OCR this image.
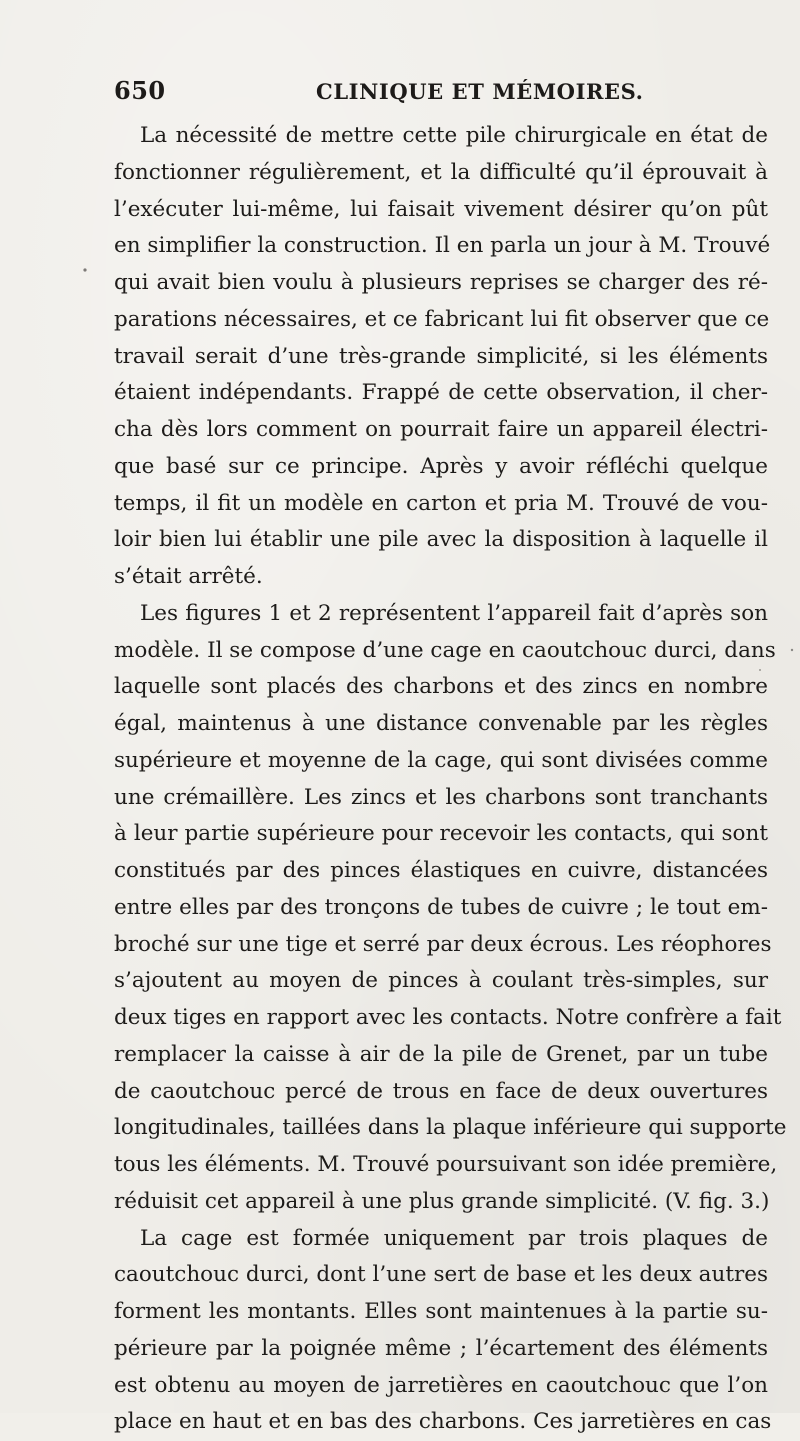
650	CLINIQUE ET MÉMOIRES.
La nécessité de mettre cette pile chirurgicale en état de
fonctionner régulièrement, et la difficulté qu’il éprouvait à
l’exécuter lui-même, lui faisait vivement désirer qu’on pût
en simplifier la construction. Il en parla un jour à M. Trouvé
qui avait bien voulu à plusieurs reprises se charger des ré-
parations nécessaires, et ce fabricant lui fit observer que ce
travail serait d’une très-grande simplicité, si les éléments
étaient indépendants. Frappé de cette observation, il cher-
cha dès lors comment on pourrait faire un appareil électri-
que basé sur ce principe. Après y avoir réfléchi quelque
temps, il fit un modèle en carton et pria M. Trouvé de vou-
loir bien lui établir une pile avec la disposition à laquelle il
s’était arrêté.
Les figures 1 et 2 représentent l’appareil fait d’après son
modèle. Il se compose d’une cage en caoutchouc durci, dans
laquelle sont placés des charbons et des zincs en nombre
égal, maintenus à une distance convenable par les règles
supérieure et moyenne de la cage, qui sont divisées comme
une crémaillère. Les zincs et les charbons sont tranchants
à leur partie supérieure pour recevoir les contacts, qui sont
constitués par des pinces élastiques en cuivre, distancées
entre elles par des tronçons de tubes de cuivre ; le tout em-
broché sur une tige et serré par deux écrous. Les réophores
s’ajoutent au moyen de pinces à coulant très-simples, sur
deux tiges en rapport avec les contacts. Notre confrère a fait
remplacer la caisse à air de la pile de Grenet, par un tube
de caoutchouc percé de trous en face de deux ouvertures
longitudinales, taillées dans la plaque inférieure qui supporte
tous les éléments. M. Trouvé poursuivant son idée première,
réduisit cet appareil à une plus grande simplicité. (V. fig. 3.)
La cage est formée uniquement par trois plaques de
caoutchouc durci, dont l’une sert de base et les deux autres
forment les montants. Elles sont maintenues à la partie su-
périeure par la poignée même ; l’écartement des éléments
est obtenu au moyen de jarretières en caoutchouc que l’on
place en haut et en bas des charbons. Ces jarretières en cas
